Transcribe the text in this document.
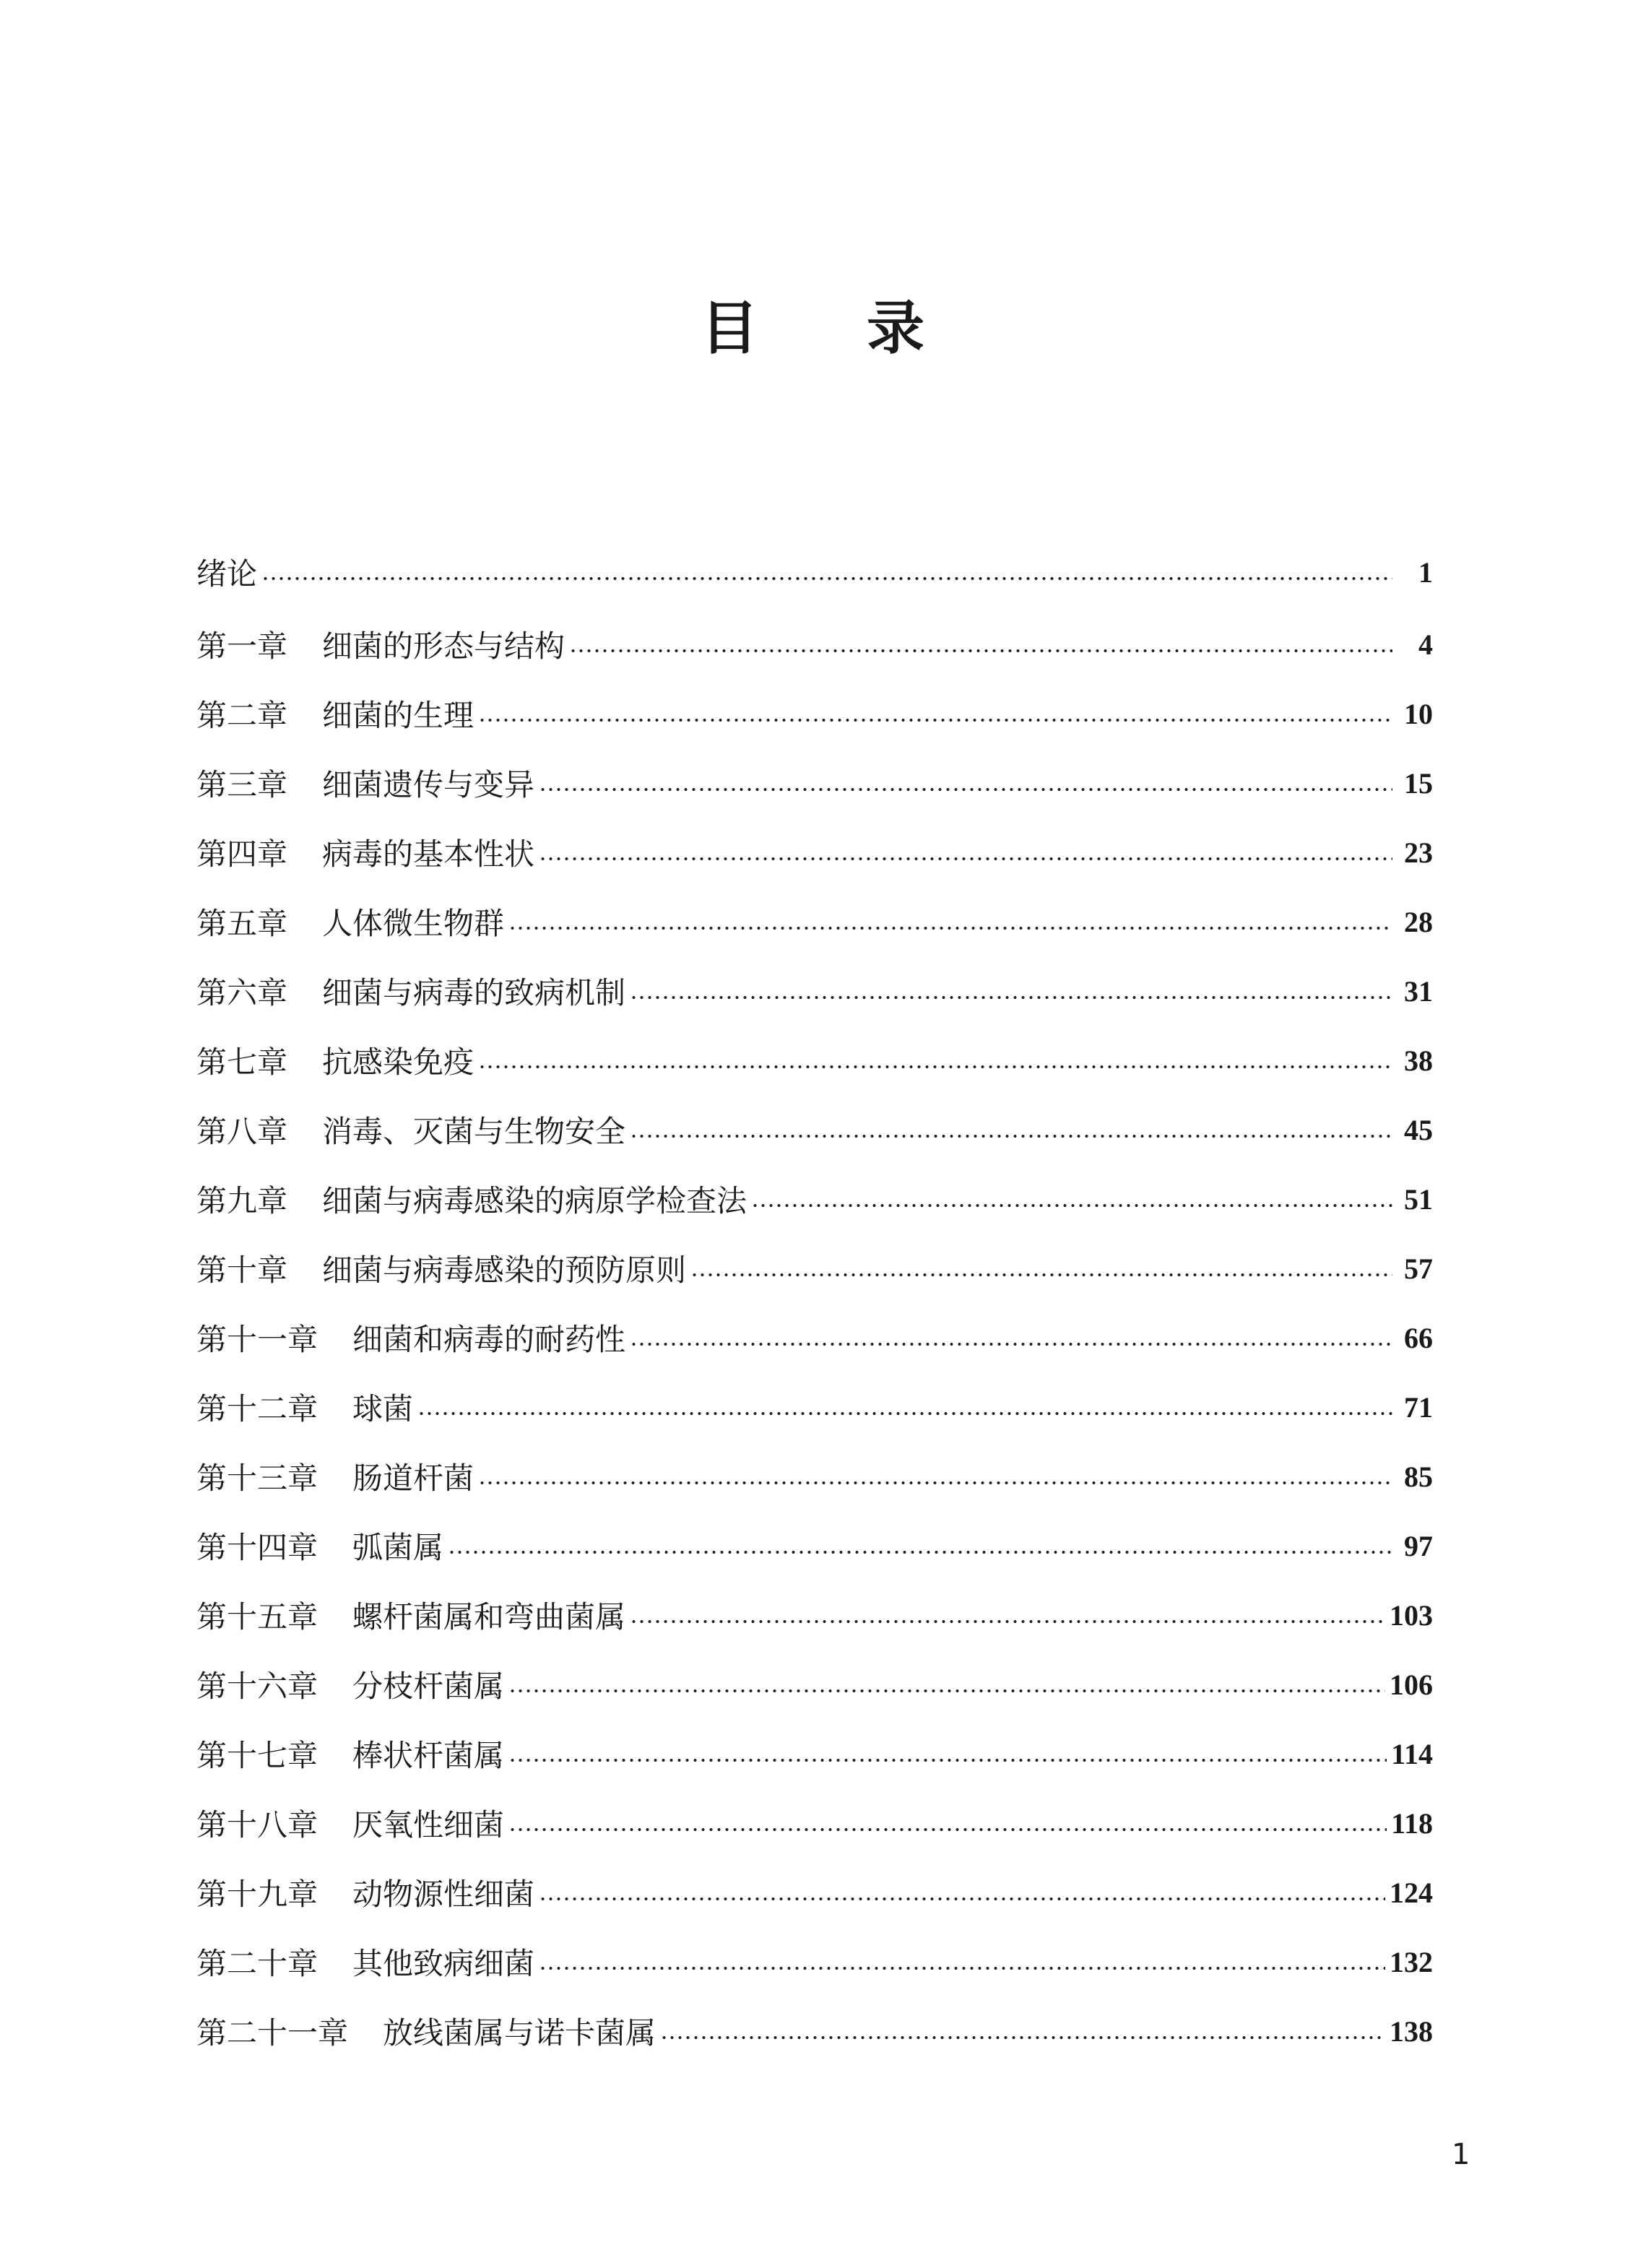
目 录
绪论	1
第一章 细菌的形态与结构	4
第二章 细菌的生理	10
第三章 细菌遗传与变异	15
第四章 病毒的基本性状	23
第五章 人体微生物群	28
第六章 细菌与病毒的致病机制	31
第七章 抗感染免疫	38
第八章 消毒、灭菌与生物安全	45
第九章 细菌与病毒感染的病原学检查法	51
第十章 细菌与病毒感染的预防原则	57
第十一章 细菌和病毒的耐药性	66
第十二章 球菌	71
第十三章 肠道杆菌	85
第十四章 弧菌属	97
第十五章 螺杆菌属和弯曲菌属	103
第十六章 分枝杆菌属	106
第十七章 棒状杆菌属	114
第十八章 厌氧性细菌	118
第十九章 动物源性细菌	124
第二十章 其他致病细菌	132
第二十一章 放线菌属与诺卡菌属	138
1
